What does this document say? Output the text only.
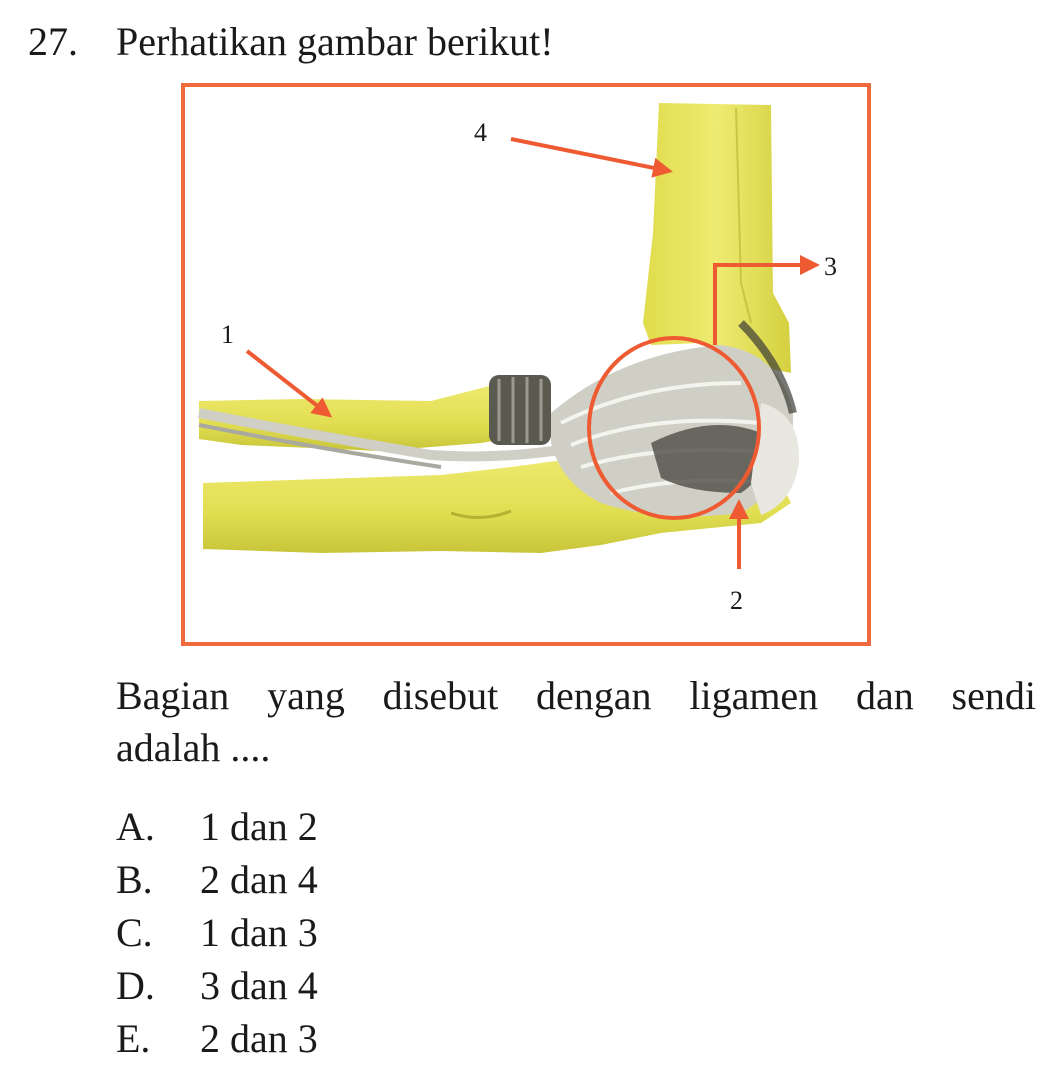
27. Perhatikan gambar berikut!
1
2
3
4
Bagian yang disebut dengan ligamen dan sendi
adalah ....
A. 1 dan 2
B. 2 dan 4
C. 1 dan 3
D. 3 dan 4
E. 2 dan 3
